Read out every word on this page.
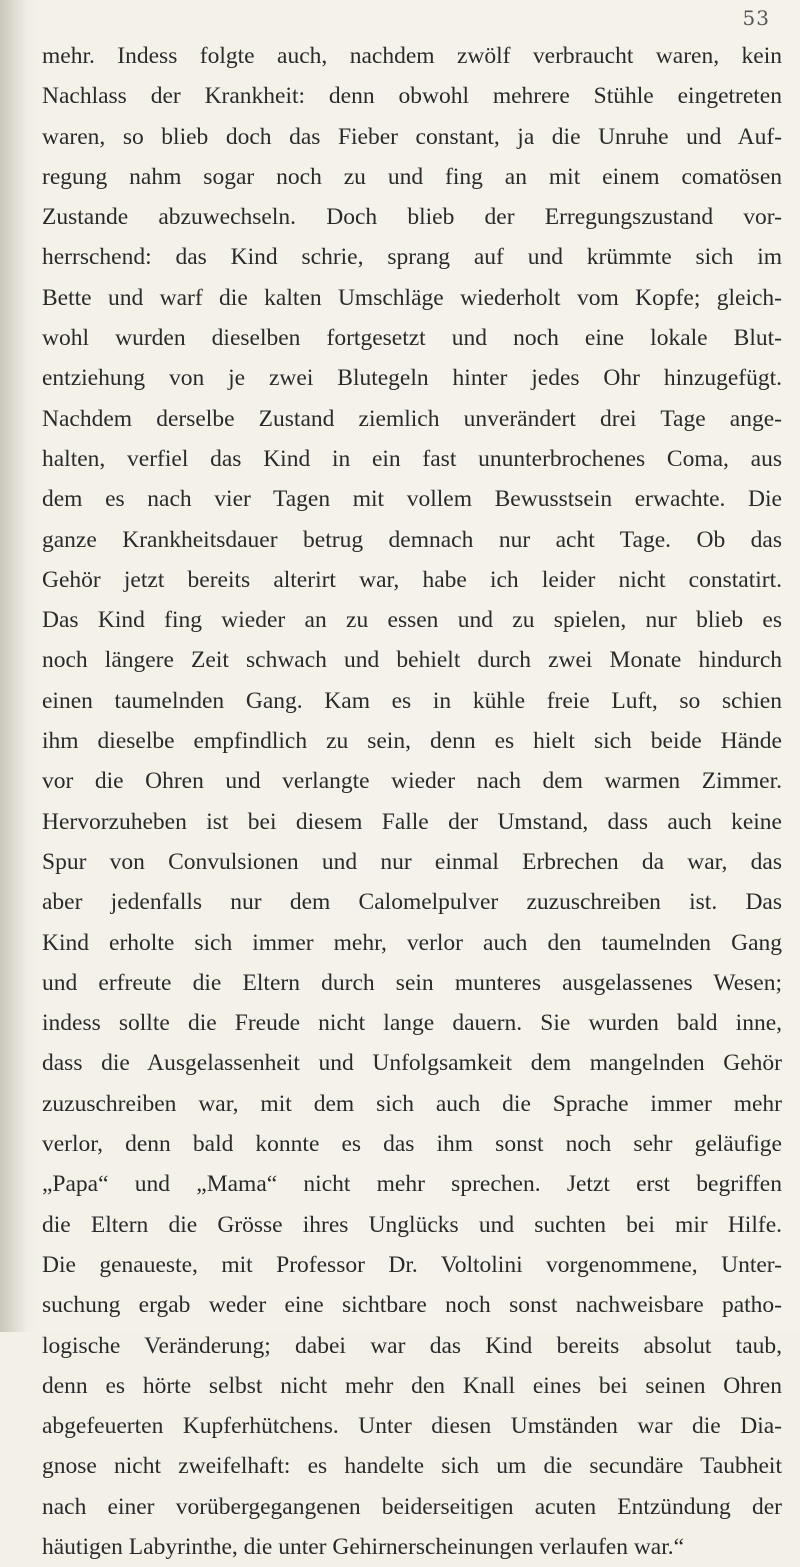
53
mehr. Indess folgte auch, nachdem zwölf verbraucht waren, kein
Nachlass der Krankheit: denn obwohl mehrere Stühle eingetreten
waren, so blieb doch das Fieber constant, ja die Unruhe und Auf-
regung nahm sogar noch zu und fing an mit einem comatösen
Zustande abzuwechseln. Doch blieb der Erregungszustand vor-
herrschend: das Kind schrie, sprang auf und krümmte sich im
Bette und warf die kalten Umschläge wiederholt vom Kopfe; gleich-
wohl wurden dieselben fortgesetzt und noch eine lokale Blut-
entziehung von je zwei Blutegeln hinter jedes Ohr hinzugefügt.
Nachdem derselbe Zustand ziemlich unverändert drei Tage ange-
halten, verfiel das Kind in ein fast ununterbrochenes Coma, aus
dem es nach vier Tagen mit vollem Bewusstsein erwachte. Die
ganze Krankheitsdauer betrug demnach nur acht Tage. Ob das
Gehör jetzt bereits alterirt war, habe ich leider nicht constatirt.
Das Kind fing wieder an zu essen und zu spielen, nur blieb es
noch längere Zeit schwach und behielt durch zwei Monate hindurch
einen taumelnden Gang. Kam es in kühle freie Luft, so schien
ihm dieselbe empfindlich zu sein, denn es hielt sich beide Hände
vor die Ohren und verlangte wieder nach dem warmen Zimmer.
Hervorzuheben ist bei diesem Falle der Umstand, dass auch keine
Spur von Convulsionen und nur einmal Erbrechen da war, das
aber jedenfalls nur dem Calomelpulver zuzuschreiben ist. Das
Kind erholte sich immer mehr, verlor auch den taumelnden Gang
und erfreute die Eltern durch sein munteres ausgelassenes Wesen;
indess sollte die Freude nicht lange dauern. Sie wurden bald inne,
dass die Ausgelassenheit und Unfolgsamkeit dem mangelnden Gehör
zuzuschreiben war, mit dem sich auch die Sprache immer mehr
verlor, denn bald konnte es das ihm sonst noch sehr geläufige
„Papa“ und „Mama“ nicht mehr sprechen. Jetzt erst begriffen
die Eltern die Grösse ihres Unglücks und suchten bei mir Hilfe.
Die genaueste, mit Professor Dr. Voltolini vorgenommene, Unter-
suchung ergab weder eine sichtbare noch sonst nachweisbare patho-
logische Veränderung; dabei war das Kind bereits absolut taub,
denn es hörte selbst nicht mehr den Knall eines bei seinen Ohren
abgefeuerten Kupferhütchens. Unter diesen Umständen war die Dia-
gnose nicht zweifelhaft: es handelte sich um die secundäre Taubheit
nach einer vorübergegangenen beiderseitigen acuten Entzündung der
häutigen Labyrinthe, die unter Gehirnerscheinungen verlaufen war.“
